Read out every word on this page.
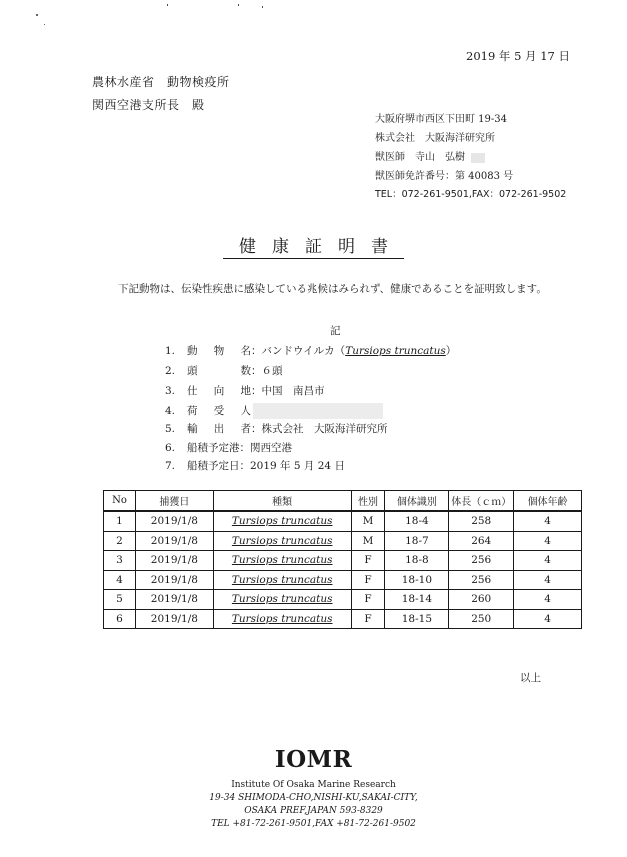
2019 年 5 月 17 日
農林水産省　動物検疫所
関西空港支所長　殿
大阪府堺市西区下田町 19-34
株式会社　大阪海洋研究所
獣医師　寺山　弘樹
獣医師免許番号：第 40083 号
TEL：072-261-9501,FAX：072-261-9502
健康証明書
下記動物は、伝染性疾患に感染している兆候はみられず、健康であることを証明致します。
記
1. 動物名：バンドウイルカ（Tursiops truncatus）
2. 頭数：６頭
3. 仕向地：中国　南昌市
4. 荷受人
5. 輸出者：株式会社　大阪海洋研究所
6. 船積予定港：関西空港
7. 船積予定日：2019 年 5 月 24 日
No	捕獲日	種類	性別	個体識別	体長（ｃｍ）	個体年齢
1	2019/1/8	Tursiops truncatus	M	18-4	258	4
2	2019/1/8	Tursiops truncatus	M	18-7	264	4
3	2019/1/8	Tursiops truncatus	F	18-8	256	4
4	2019/1/8	Tursiops truncatus	F	18-10	256	4
5	2019/1/8	Tursiops truncatus	F	18-14	260	4
6	2019/1/8	Tursiops truncatus	F	18-15	250	4
以上
IOMR
Institute Of Osaka Marine Research
19-34 SHIMODA-CHO,NISHI-KU,SAKAI-CITY,
OSAKA PREF,JAPAN 593-8329
TEL +81-72-261-9501,FAX +81-72-261-9502
